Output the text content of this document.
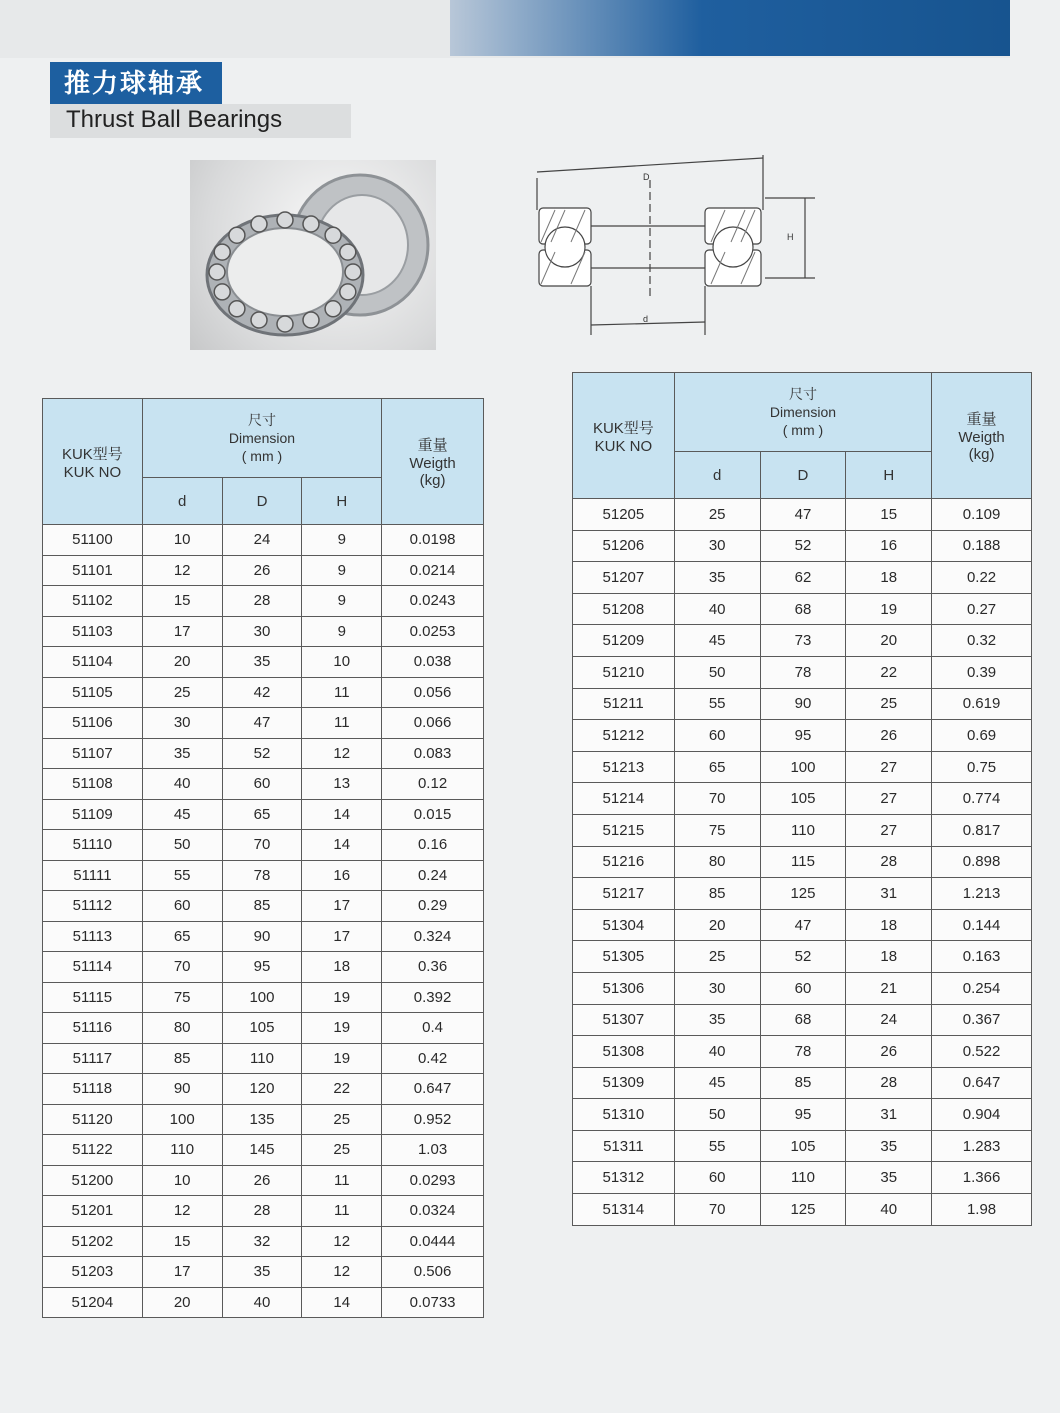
推力球轴承
Thrust Ball Bearings
D
H
d
KUK型号
KUK NO	尺寸
Dimension
( mm )			重量
Weigth
(kg)
	d	D	H	
51100	10	24	9	0.0198
51101	12	26	9	0.0214
51102	15	28	9	0.0243
51103	17	30	9	0.0253
51104	20	35	10	0.038
51105	25	42	11	0.056
51106	30	47	11	0.066
51107	35	52	12	0.083
51108	40	60	13	0.12
51109	45	65	14	0.015
51110	50	70	14	0.16
51111	55	78	16	0.24
51112	60	85	17	0.29
51113	65	90	17	0.324
51114	70	95	18	0.36
51115	75	100	19	0.392
51116	80	105	19	0.4
51117	85	110	19	0.42
51118	90	120	22	0.647
51120	100	135	25	0.952
51122	110	145	25	1.03
51200	10	26	11	0.0293
51201	12	28	11	0.0324
51202	15	32	12	0.0444
51203	17	35	12	0.506
51204	20	40	14	0.0733
KUK型号
KUK NO	尺寸
Dimension
( mm )			重量
Weigth
(kg)
	d	D	H	
51205	25	47	15	0.109
51206	30	52	16	0.188
51207	35	62	18	0.22
51208	40	68	19	0.27
51209	45	73	20	0.32
51210	50	78	22	0.39
51211	55	90	25	0.619
51212	60	95	26	0.69
51213	65	100	27	0.75
51214	70	105	27	0.774
51215	75	110	27	0.817
51216	80	115	28	0.898
51217	85	125	31	1.213
51304	20	47	18	0.144
51305	25	52	18	0.163
51306	30	60	21	0.254
51307	35	68	24	0.367
51308	40	78	26	0.522
51309	45	85	28	0.647
51310	50	95	31	0.904
51311	55	105	35	1.283
51312	60	110	35	1.366
51314	70	125	40	1.98
